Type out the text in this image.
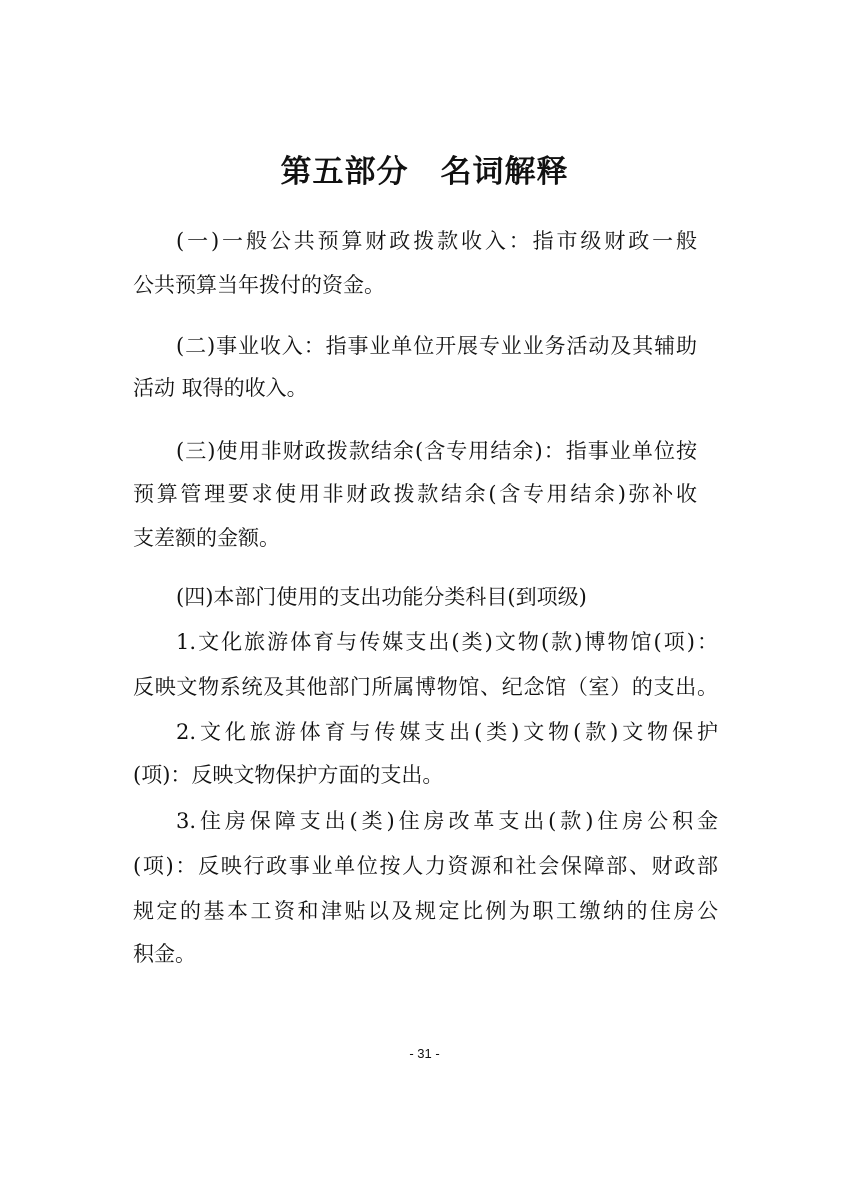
第五部分　名词解释
(一)一般公共预算财政拨款收入：指市级财政一般
公共预算当年拨付的资金。
(二)事业收入：指事业单位开展专业业务活动及其辅助
活动 取得的收入。
(三)使用非财政拨款结余(含专用结余)：指事业单位按
预算管理要求使用非财政拨款结余(含专用结余)弥补收
支差额的金额。
(四)本部门使用的支出功能分类科目(到项级)
1.文化旅游体育与传媒支出(类)文物(款)博物馆(项)：
反映文物系统及其他部门所属博物馆、纪念馆（室）的支出。
2.文化旅游体育与传媒支出(类)文物(款)文物保护
(项)：反映文物保护方面的支出。
3.住房保障支出(类)住房改革支出(款)住房公积金
(项)：反映行政事业单位按人力资源和社会保障部、财政部
规定的基本工资和津贴以及规定比例为职工缴纳的住房公
积金。
- 31 -
